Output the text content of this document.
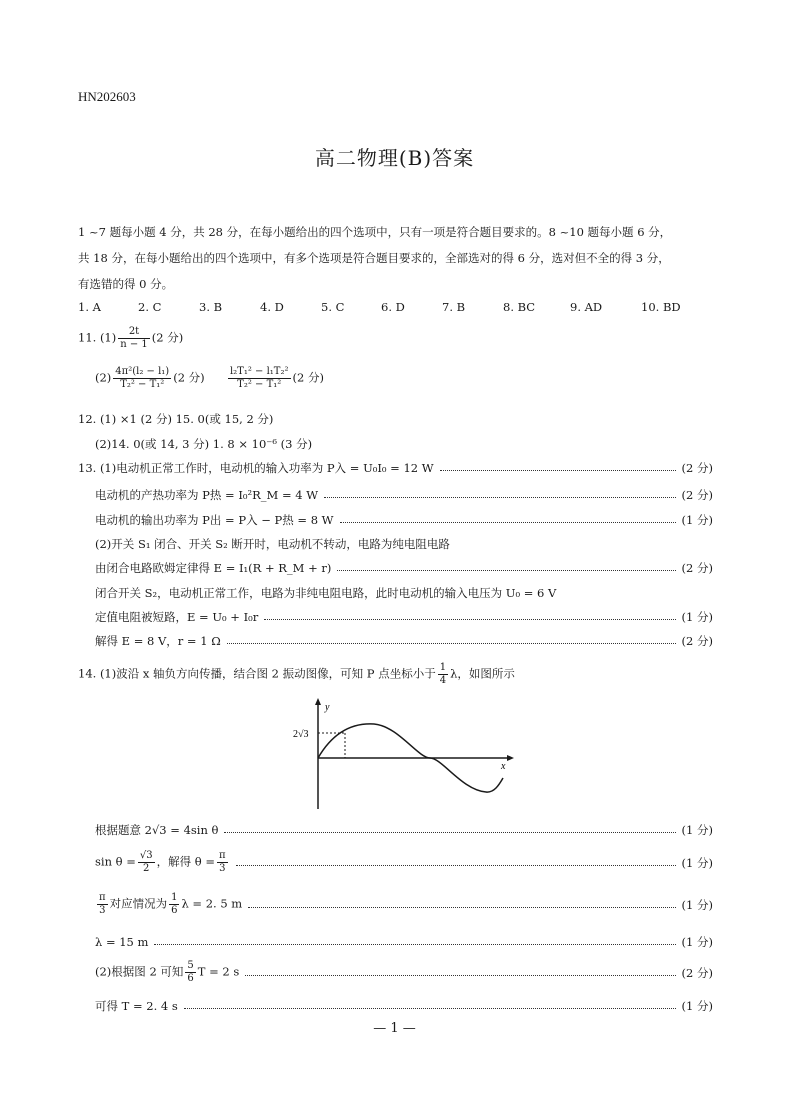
HN202603
高二物理(B)答案
1 ~7 题每小题 4 分，共 28 分，在每小题给出的四个选项中，只有一项是符合题目要求的。8 ~10 题每小题 6 分，
共 18 分，在每小题给出的四个选项中，有多个选项是符合题目要求的，全部选对的得 6 分，选对但不全的得 3 分，
有选错的得 0 分。
1. A	2. C	3. B	4. D	5. C	6. D	7. B	8. BC	9. AD	10. BD
11. $(1) \frac{2t}{n - 1} (2$ 分)
$(2) \frac{\text{4π²(l₂ − l₁)}}{\text{T₂² − T₁²}} (2$ 分) $\frac{\text{l₂T₁² − l₁T₂²}}{\text{T₂² − T₁²}} (2$ 分)
12. (1) ×1 (2 分) 15. 0(或 15, 2 分)
(2)14. 0(或 14, 3 分) 1. 8 × 10⁻⁶ (3 分)
13. (1)电动机正常工作时，电动机的输入功率为 P入 = U₀I₀ = 12 W	(2 分)
电动机的产热功率为 P热 = I₀²R_M = 4 W	(2 分)
电动机的输出功率为 P出 = P入 − P热 = 8 W	(1 分)
(2)开关 S₁ 闭合、开关 S₂ 断开时，电动机不转动，电路为纯电阻电路
由闭合电路欧姆定律得 E = I₁(R + R_M + r)	(2 分)
闭合开关 S₂，电动机正常工作，电路为非纯电阻电路，此时电动机的输入电压为 U₀ = 6 V
定值电阻被短路，E = U₀ + I₀r	(1 分)
解得 E = 8 V，r = 1 Ω	(2 分)
14. (1)波沿 x 轴负方向传播，结合图 2 振动图像，可知 P 点坐标小于 $\frac{1}{4}$ λ，如图所示
y
x
2√3
根据题意 2√3 = 4sin θ	(1 分)
$\sin \theta = \frac{√3}{2}$ ，解得 $\theta = \frac{\pi}{3}$	(1 分)
$\frac{\pi}{3}$ 对应情况为 $\frac{1}{6}$ λ = 2. 5 m	(1 分)
λ = 15 m	(1 分)
(2)根据图 2 可知 $\frac{5}{6}$ T = 2 s	(2 分)
可得 T = 2. 4 s	(1 分)
— 1 —
